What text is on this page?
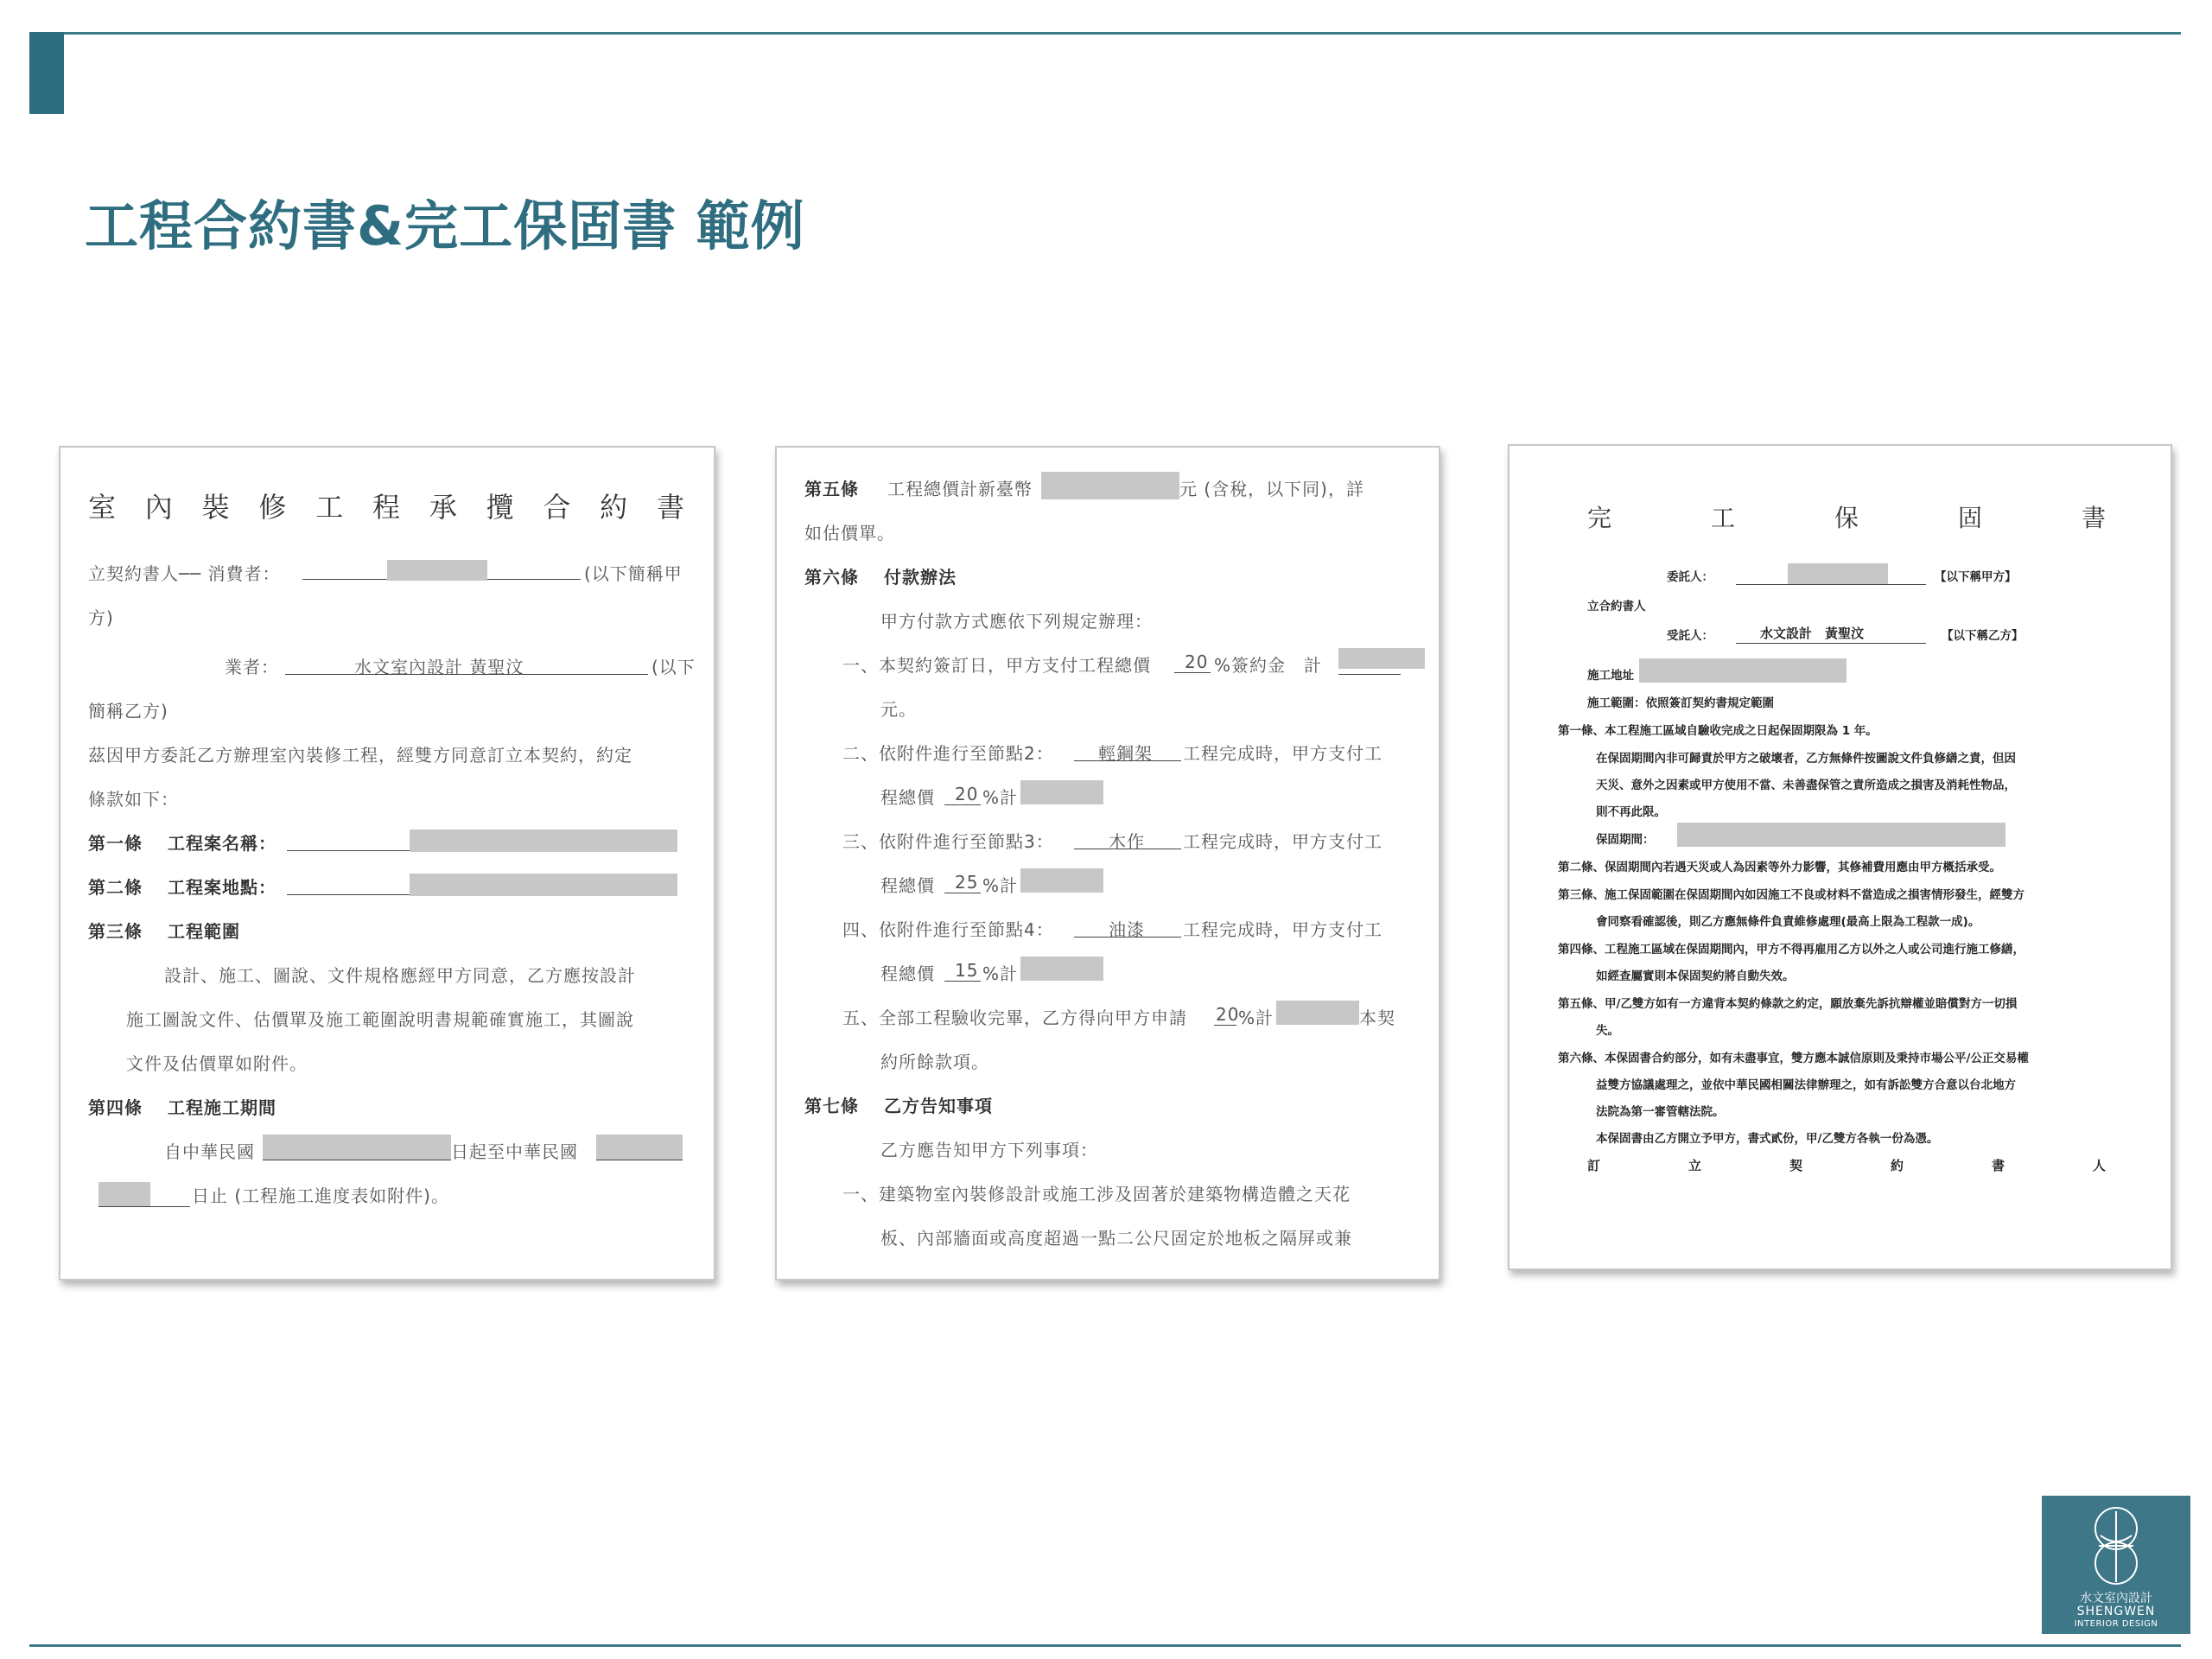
工程合約書&完工保固書 範例
室 內 裝 修 工 程 承 攬 合 約 書
立契約書人── 消費者：	(以下簡稱甲
方)
業者：	水文室內設計 黃聖汶	(以下
簡稱乙方)
茲因甲方委託乙方辦理室內裝修工程，經雙方同意訂立本契約，約定
條款如下：
第一條 工程案名稱：
第二條 工程案地點：
第三條 工程範圍
設計、施工、圖說、文件規格應經甲方同意，乙方應按設計
施工圖說文件、估價單及施工範圍說明書規範確實施工，其圖說
文件及估價單如附件。
第四條 工程施工期間
自中華民國	日起至中華民國
日止 (工程施工進度表如附件)。
第五條 工程總價計新臺幣	元 (含稅，以下同)，詳
如估價單。
第六條 付款辦法
甲方付款方式應依下列規定辦理：
一、本契約簽訂日，甲方支付工程總價 20 %簽約金　計
元。
二、依附件進行至節點2：	輕鋼架 工程完成時，甲方支付工
程總價 20 %計
三、依附件進行至節點3：	木作 工程完成時，甲方支付工
程總價 25 %計
四、依附件進行至節點4：	油漆 工程完成時，甲方支付工
程總價 15 %計
五、全部工程驗收完畢，乙方得向甲方申請 20
%計	本契
約所餘款項。
第七條 乙方告知事項
乙方應告知甲方下列事項：
一、建築物室內裝修設計或施工涉及固著於建築物構造體之天花
板、內部牆面或高度超過一點二公尺固定於地板之隔屏或兼
完	工	保	固	書
委託人：	【以下稱甲方】
立合約書人
受託人：	水文設計　黃聖汶	【以下稱乙方】
施工地址
施工範圍：依照簽訂契約書規定範圍
第一條、本工程施工區域自驗收完成之日起保固期限為 1 年。
在保固期間內非可歸責於甲方之破壞者，乙方無條件按圖說文件負修繕之責，但因
天災、意外之因素或甲方使用不當、未善盡保管之責所造成之損害及消耗性物品，
則不再此限。
保固期間：
第二條、保固期間內若遇天災或人為因素等外力影響，其修補費用應由甲方概括承受。
第三條、施工保固範圍在保固期間內如因施工不良或材料不當造成之損害情形發生，經雙方
會同察看確認後，則乙方應無條件負責維修處理(最高上限為工程款一成)。
第四條、工程施工區域在保固期間內，甲方不得再雇用乙方以外之人或公司進行施工修繕，
如經查屬實則本保固契約將自動失效。
第五條、甲/乙雙方如有一方違背本契約條款之約定，願放棄先訴抗辯權並賠償對方一切損
失。
第六條、本保固書合約部分，如有未盡事宜，雙方應本誠信原則及秉持市場公平/公正交易權
益雙方協議處理之，並依中華民國相關法律辦理之，如有訴訟雙方合意以台北地方
法院為第一審管轄法院。
本保固書由乙方開立予甲方，書式貳份，甲/乙雙方各執一份為憑。
訂	立	契	約	書	人
水文室內設計
SHENGWEN
INTERIOR DESIGN
